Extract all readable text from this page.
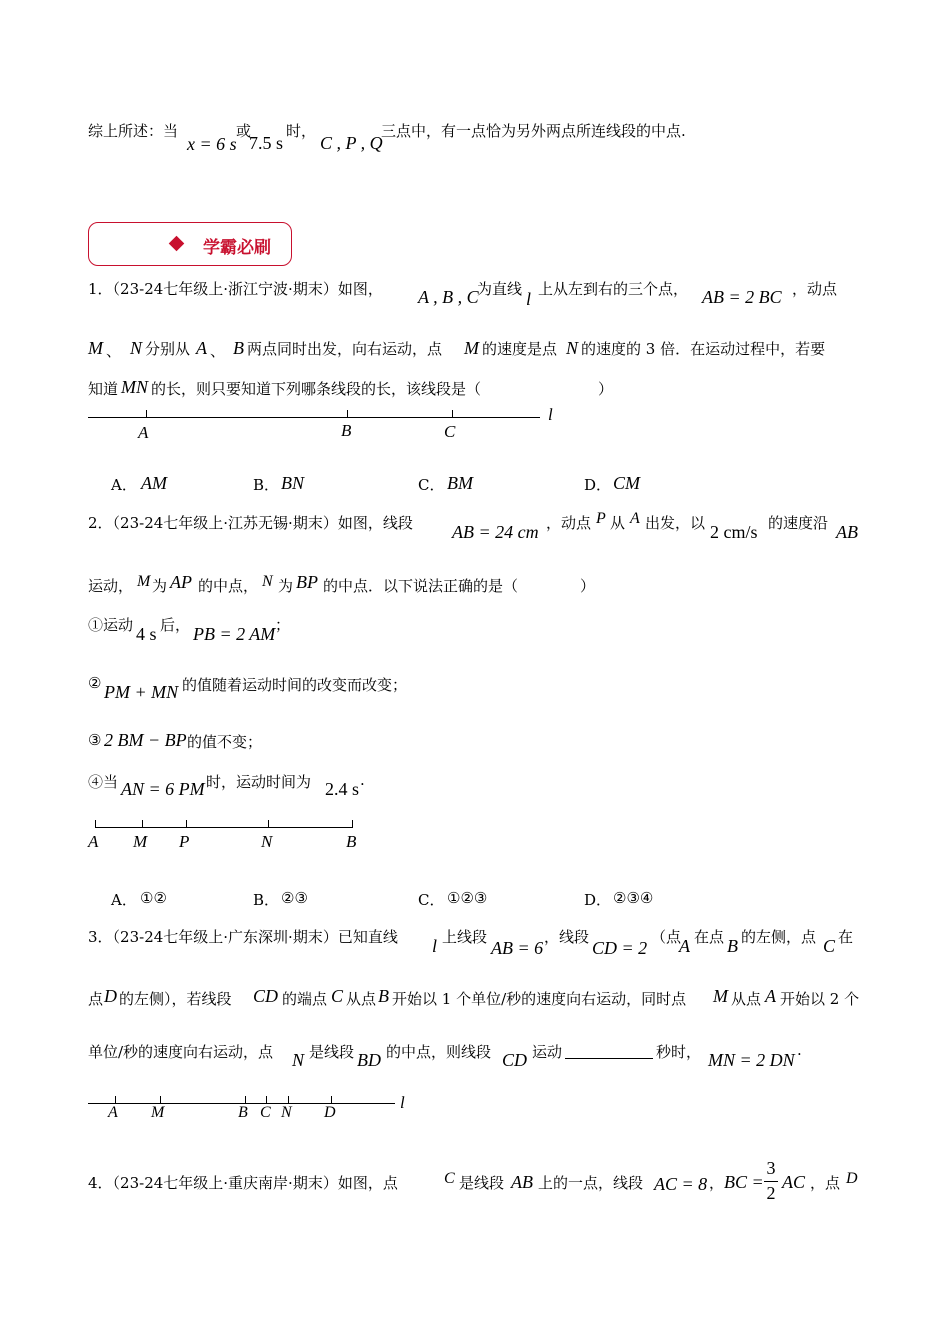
综上所述：当
x = 6 s
或
7.5 s
时，
C , P , Q
三点中，有一点恰为另外两点所连线段的中点.
学霸必刷
1．（23-24七年级上·浙江宁波·期末）如图， A , B , C
为直线 l 上从左到右的三个点， AB = 2 BC ，动点
M 、 N 分别从 A 、 B 两点同时出发，向右运动，点 M 的速度是点 N 的速度的 3 倍．在运动过程中，若要
知道 MN 的长，则只要知道下列哪条线段的长，该线段是（	）
A	B	C
l
A． AM	B． BN	C． BM	D． CM
2．（23-24七年级上·江苏无锡·期末）如图，线段 AB = 24 cm ，动点 P 从 A 出发，以 2 cm/s 的速度沿 AB
运动， M 为 AP 的中点， N 为 BP 的中点．以下说法正确的是（	）
①运动 4 s 后， PB = 2 AM ；
② PM + MN 的值随着运动时间的改变而改变；
③ 2 BM − BP 的值不变；
④当 AN = 6 PM 时，运动时间为 2.4 s .
A M P	N	B
A． ①②	B． ②③	C． ①②③	D． ②③④
3．（23-24七年级上·广东深圳·期末）已知直线 l 上线段
AB = 6
，线段
CD = 2
（点
A 在点 B 的左侧，点 C 在
点 D 的左侧），若线段 CD 的端点 C 从点 B 开始以 1 个单位/秒的速度向右运动，同时点 M 从点 A 开始以 2 个
单位/秒的速度向右运动，点 N 是线段 BD 的中点，则线段 CD 运动	秒时， MN = 2 DN .
A M	B C N D
l
4．（23-24七年级上·重庆南岸·期末）如图，点	C 是线段 AB 上的一点，线段 AC = 8 ， BC =
3
2
AC ，点 D
